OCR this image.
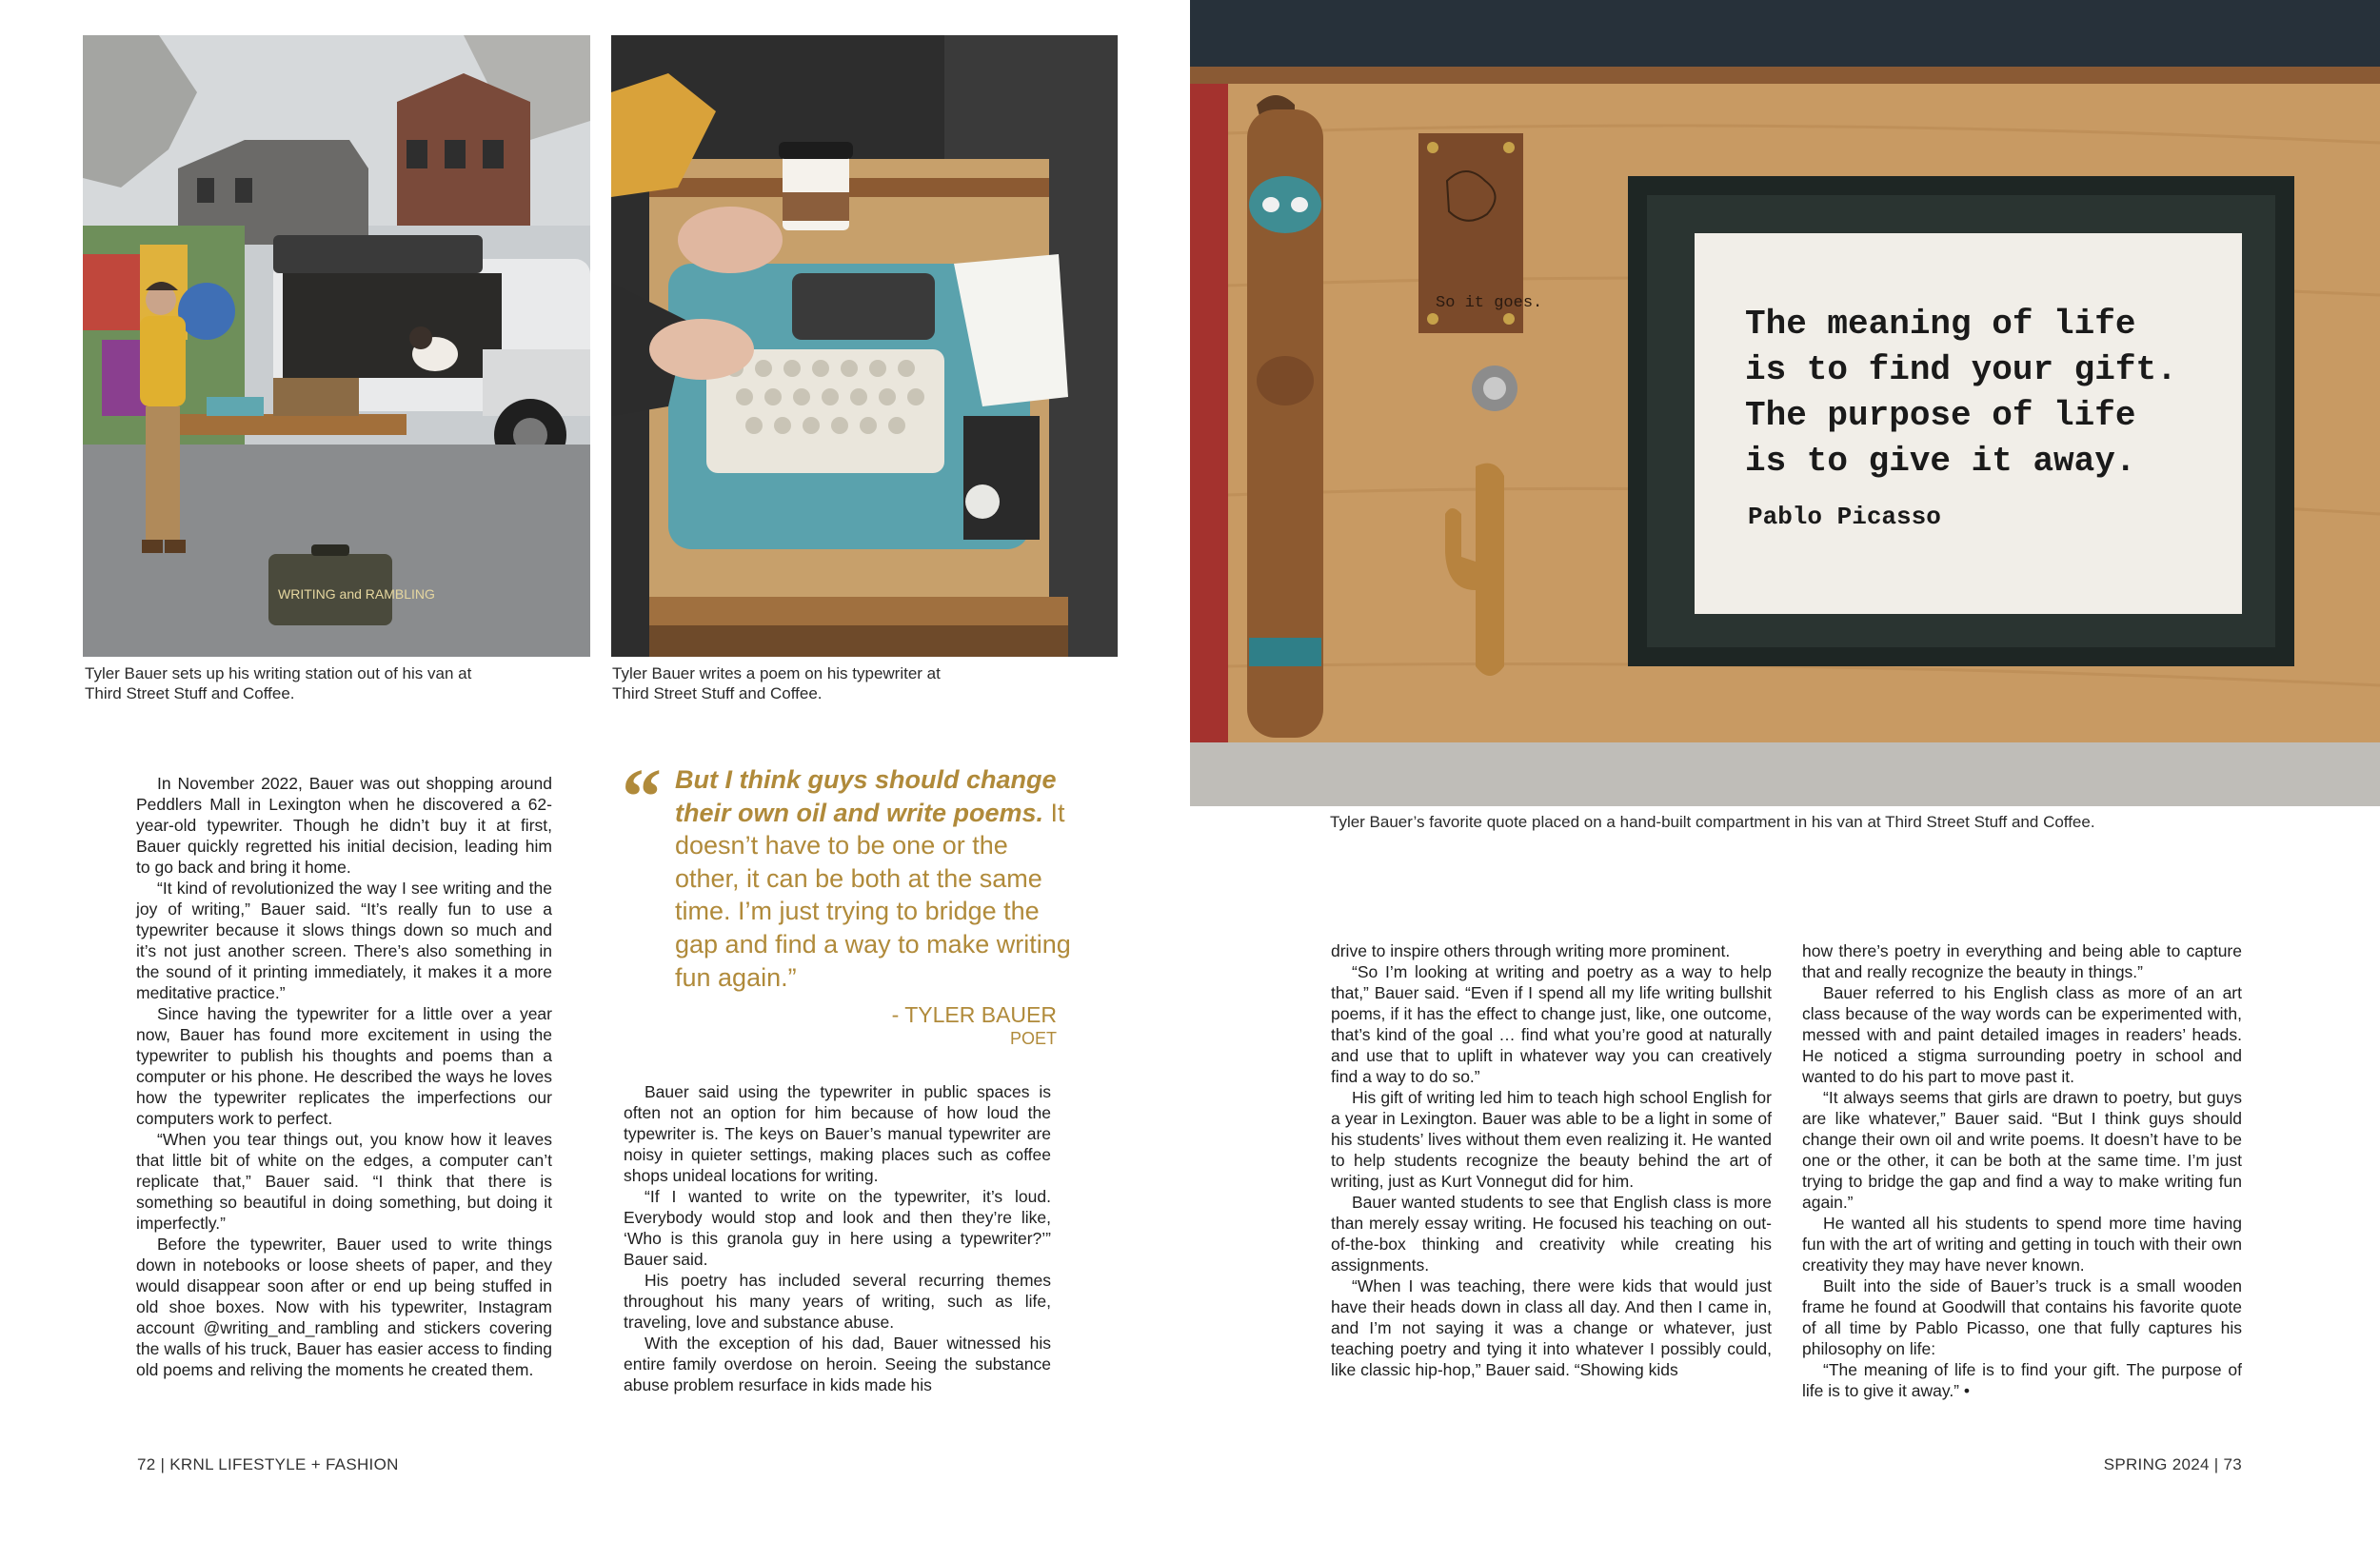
WRITING and RAMBLING
Tyler Bauer sets up his writing station out of his van at
Third Street Stuff and Coffee.
Tyler Bauer writes a poem on his typewriter at
Third Street Stuff and Coffee.
So it goes.
The meaning of life
is to find your gift.
The purpose of life
is to give it away.
Pablo Picasso
Tyler Bauer’s favorite quote placed on a hand-built compartment in his van at Third Street Stuff and Coffee.
“ But I think guys should change their own oil and write poems. It doesn’t have to be one or the other, it can be both at the same time. I’m just trying to bridge the gap and find a way to make writing fun again.”
- TYLER BAUER
POET

In November 2022, Bauer was out shopping around Peddlers Mall in Lexington when he discovered a 62-year-old typewriter. Though he didn’t buy it at first, Bauer quickly regretted his initial decision, leading him to go back and bring it home.

“It kind of revolutionized the way I see writing and the joy of writing,” Bauer said. “It’s really fun to use a typewriter because it slows things down so much and it’s not just another screen. There’s also something in the sound of it printing immediately, it makes it a more meditative practice.”

Since having the typewriter for a little over a year now, Bauer has found more excitement in using the typewriter to publish his thoughts and poems than a computer or his phone. He described the ways he loves how the typewriter replicates the imperfections our computers work to perfect.

“When you tear things out, you know how it leaves that little bit of white on the edges, a computer can’t replicate that,” Bauer said. “I think that there is something so beautiful in doing something, but doing it imperfectly.”

Before the typewriter, Bauer used to write things down in notebooks or loose sheets of paper, and they would disappear soon after or end up being stuffed in old shoe boxes. Now with his typewriter, Instagram account @writing_and_rambling and stickers covering the walls of his truck, Bauer has easier access to finding old poems and reliving the moments he created them.

Bauer said using the typewriter in public spaces is often not an option for him because of how loud the typewriter is. The keys on Bauer’s manual typewriter are noisy in quieter settings, making places such as coffee shops unideal locations for writing.

“If I wanted to write on the typewriter, it’s loud. Everybody would stop and look and then they’re like, ‘Who is this granola guy in here using a typewriter?’” Bauer said.

His poetry has included several recurring themes throughout his many years of writing, such as life, traveling, love and substance abuse.

With the exception of his dad, Bauer witnessed his entire family overdose on heroin. Seeing the substance abuse problem resurface in kids made his

drive to inspire others through writing more prominent.

“So I’m looking at writing and poetry as a way to help that,” Bauer said. “Even if I spend all my life writing bullshit poems, if it has the effect to change just, like, one outcome, that’s kind of the goal … find what you’re good at naturally and use that to uplift in whatever way you can creatively find a way to do so.”

His gift of writing led him to teach high school English for a year in Lexington. Bauer was able to be a light in some of his students’ lives without them even realizing it. He wanted to help students recognize the beauty behind the art of writing, just as Kurt Vonnegut did for him.

Bauer wanted students to see that English class is more than merely essay writing. He focused his teaching on out-of-the-box thinking and creativity while creating his assignments.

“When I was teaching, there were kids that would just have their heads down in class all day. And then I came in, and I’m not saying it was a change or whatever, just teaching poetry and tying it into whatever I possibly could, like classic hip-hop,” Bauer said. “Showing kids

how there’s poetry in everything and being able to capture that and really recognize the beauty in things.”

Bauer referred to his English class as more of an art class because of the way words can be experimented with, messed with and paint detailed images in readers’ heads. He noticed a stigma surrounding poetry in school and wanted to do his part to move past it.

“It always seems that girls are drawn to poetry, but guys are like whatever,” Bauer said. “But I think guys should change their own oil and write poems. It doesn’t have to be one or the other, it can be both at the same time. I’m just trying to bridge the gap and find a way to make writing fun again.”

He wanted all his students to spend more time having fun with the art of writing and getting in touch with their own creativity they may have never known.

Built into the side of Bauer’s truck is a small wooden frame he found at Goodwill that contains his favorite quote of all time by Pablo Picasso, one that fully captures his philosophy on life:

“The meaning of life is to find your gift. The purpose of life is to give it away.” •

72 | KRNL LIFESTYLE + FASHION	SPRING 2024 | 73
